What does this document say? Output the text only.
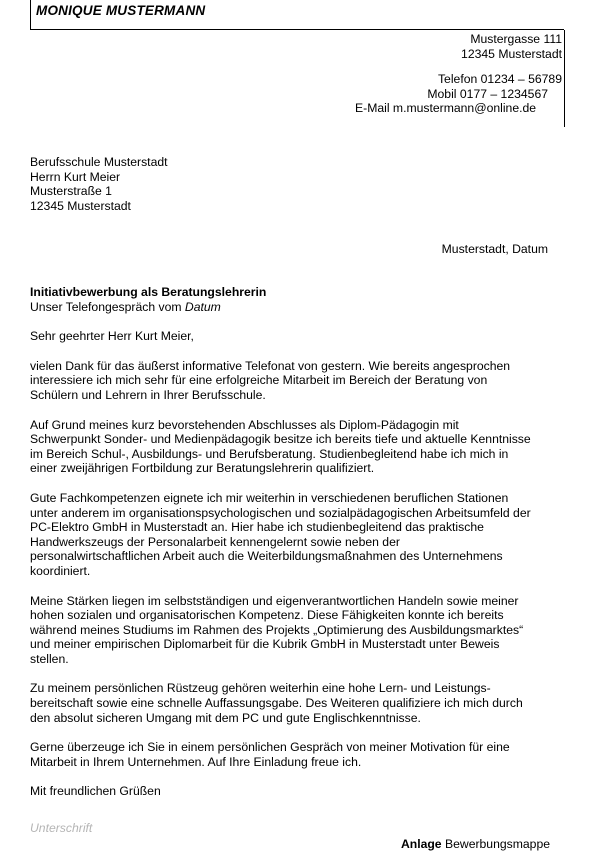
MONIQUE MUSTERMANN
Mustergasse 111
12345 Musterstadt
Telefon 01234 – 56789
Mobil 0177 – 1234567
E-Mail m.mustermann@online.de
Berufsschule Musterstadt
Herrn Kurt Meier
Musterstraße 1
12345 Musterstadt
Musterstadt, Datum
Initiativbewerbung als Beratungslehrerin
Unser Telefongespräch vom Datum
Sehr geehrter Herr Kurt Meier,
vielen Dank für das äußerst informative Telefonat von gestern. Wie bereits angesprochen
interessiere ich mich sehr für eine erfolgreiche Mitarbeit im Bereich der Beratung von
Schülern und Lehrern in Ihrer Berufsschule.
Auf Grund meines kurz bevorstehenden Abschlusses als Diplom-Pädagogin mit
Schwerpunkt Sonder- und Medienpädagogik besitze ich bereits tiefe und aktuelle Kenntnisse
im Bereich Schul-, Ausbildungs- und Berufsberatung. Studienbegleitend habe ich mich in
einer zweijährigen Fortbildung zur Beratungslehrerin qualifiziert.
Gute Fachkompetenzen eignete ich mir weiterhin in verschiedenen beruflichen Stationen
unter anderem im organisationspsychologischen und sozialpädagogischen Arbeitsumfeld der
PC-Elektro GmbH in Musterstadt an. Hier habe ich studienbegleitend das praktische
Handwerkszeugs der Personalarbeit kennengelernt sowie neben der
personalwirtschaftlichen Arbeit auch die Weiterbildungsmaßnahmen des Unternehmens
koordiniert.
Meine Stärken liegen im selbstständigen und eigenverantwortlichen Handeln sowie meiner
hohen sozialen und organisatorischen Kompetenz. Diese Fähigkeiten konnte ich bereits
während meines Studiums im Rahmen des Projekts „Optimierung des Ausbildungsmarktes“
und meiner empirischen Diplomarbeit für die Kubrik GmbH in Musterstadt unter Beweis
stellen.
Zu meinem persönlichen Rüstzeug gehören weiterhin eine hohe Lern- und Leistungs-
bereitschaft sowie eine schnelle Auffassungsgabe. Des Weiteren qualifiziere ich mich durch
den absolut sicheren Umgang mit dem PC und gute Englischkenntnisse.
Gerne überzeuge ich Sie in einem persönlichen Gespräch von meiner Motivation für eine
Mitarbeit in Ihrem Unternehmen. Auf Ihre Einladung freue ich.
Mit freundlichen Grüßen
Unterschrift
Anlage Bewerbungsmappe
